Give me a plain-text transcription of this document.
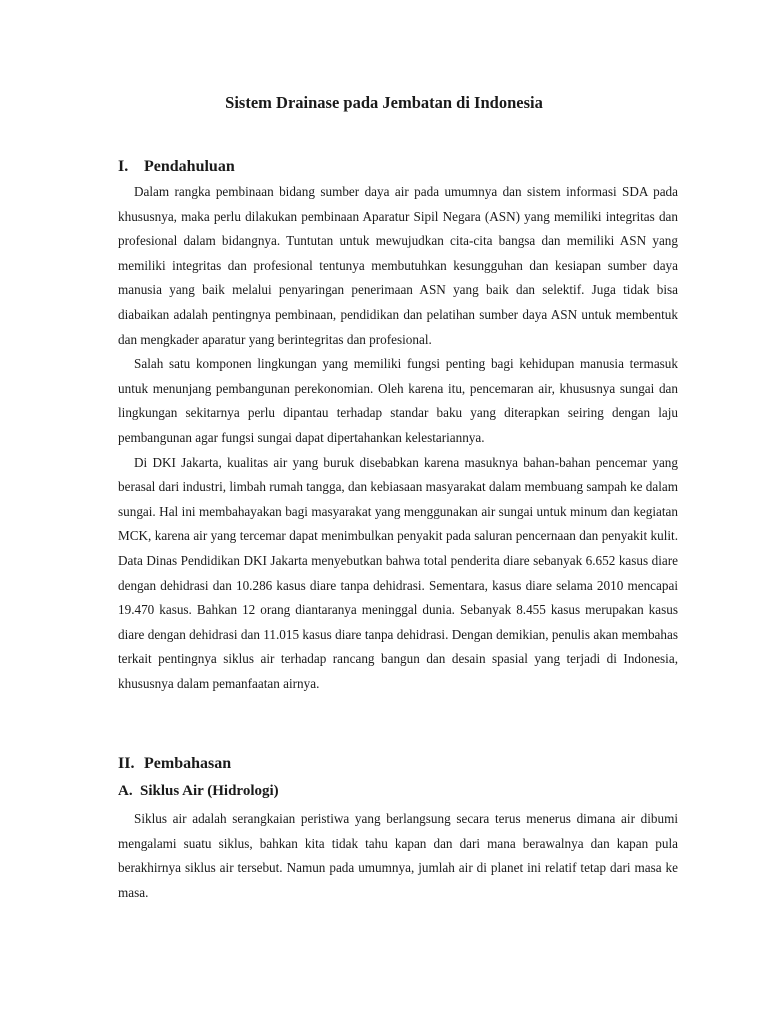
Sistem Drainase pada Jembatan di Indonesia
I. Pendahuluan

Dalam rangka pembinaan bidang sumber daya air pada umumnya dan sistem informasi SDA pada khususnya, maka perlu dilakukan pembinaan Aparatur Sipil Negara (ASN) yang memiliki integritas dan profesional dalam bidangnya. Tuntutan untuk mewujudkan cita-cita bangsa dan memiliki ASN yang memiliki integritas dan profesional tentunya membutuhkan kesungguhan dan kesiapan sumber daya manusia yang baik melalui penyaringan penerimaan ASN yang baik dan selektif. Juga tidak bisa diabaikan adalah pentingnya pembinaan, pendidikan dan pelatihan sumber daya ASN untuk membentuk dan mengkader aparatur yang berintegritas dan profesional.

Salah satu komponen lingkungan yang memiliki fungsi penting bagi kehidupan manusia termasuk untuk menunjang pembangunan perekonomian. Oleh karena itu, pencemaran air, khususnya sungai dan lingkungan sekitarnya perlu dipantau terhadap standar baku yang diterapkan seiring dengan laju pembangunan agar fungsi sungai dapat dipertahankan kelestariannya.

Di DKI Jakarta, kualitas air yang buruk disebabkan karena masuknya bahan-bahan pencemar yang berasal dari industri, limbah rumah tangga, dan kebiasaan masyarakat dalam membuang sampah ke dalam sungai. Hal ini membahayakan bagi masyarakat yang menggunakan air sungai untuk minum dan kegiatan MCK, karena air yang tercemar dapat menimbulkan penyakit pada saluran pencernaan dan penyakit kulit. Data Dinas Pendidikan DKI Jakarta menyebutkan bahwa total penderita diare sebanyak 6.652 kasus diare dengan dehidrasi dan 10.286 kasus diare tanpa dehidrasi. Sementara, kasus diare selama 2010 mencapai 19.470 kasus. Bahkan 12 orang diantaranya meninggal dunia. Sebanyak 8.455 kasus merupakan kasus diare dengan dehidrasi dan 11.015 kasus diare tanpa dehidrasi. Dengan demikian, penulis akan membahas terkait pentingnya siklus air terhadap rancang bangun dan desain spasial yang terjadi di Indonesia, khususnya dalam pemanfaatan airnya.

II. Pembahasan
A. Siklus Air (Hidrologi)

Siklus air adalah serangkaian peristiwa yang berlangsung secara terus menerus dimana air dibumi mengalami suatu siklus, bahkan kita tidak tahu kapan dan dari mana berawalnya dan kapan pula berakhirnya siklus air tersebut. Namun pada umumnya, jumlah air di planet ini relatif tetap dari masa ke masa.
